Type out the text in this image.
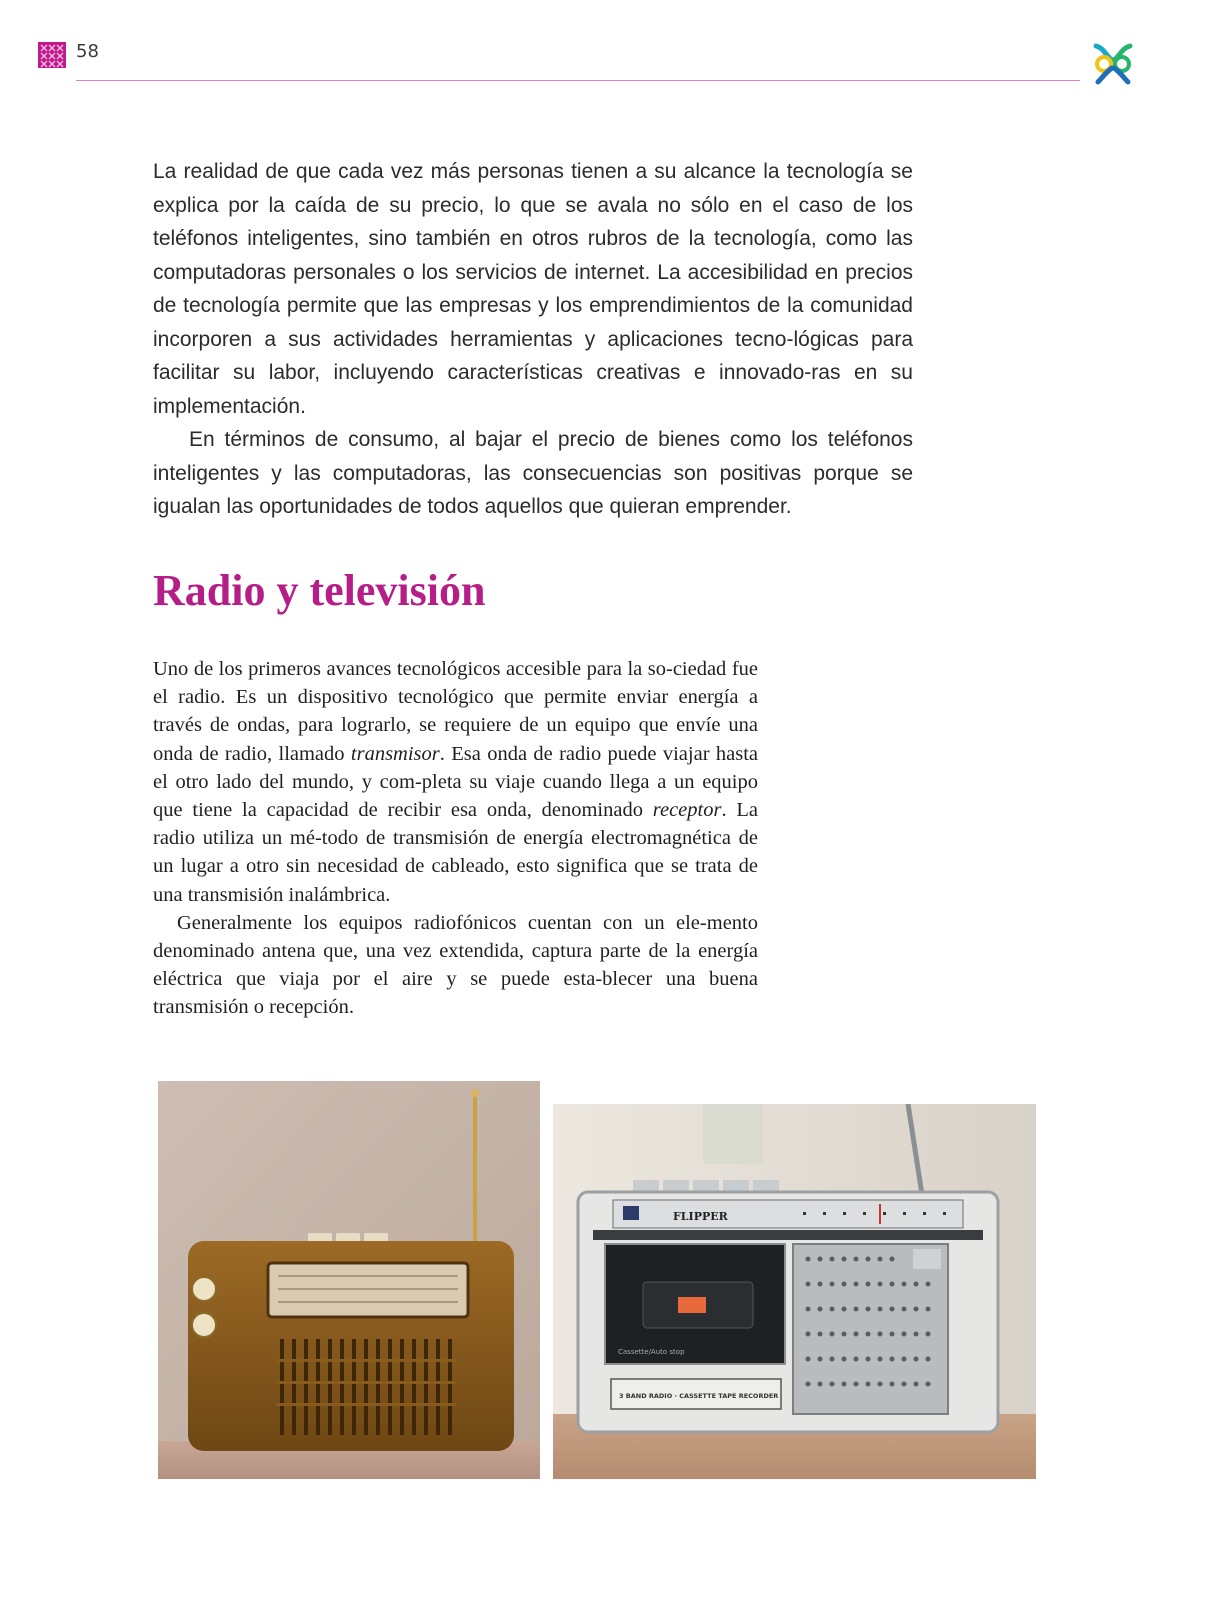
58

La realidad de que cada vez más personas tienen a su alcance la tecnología se explica por la caída de su precio, lo que se avala no sólo en el caso de los teléfonos inteligentes, sino también en otros rubros de la tecnología, como las computadoras personales o los servicios de internet. La accesibilidad en precios de tecnología permite que las empresas y los emprendimientos de la comunidad incorporen a sus actividades herramientas y aplicaciones tecno-lógicas para facilitar su labor, incluyendo características creativas e innovado-ras en su implementación.

En términos de consumo, al bajar el precio de bienes como los teléfonos inteligentes y las computadoras, las consecuencias son positivas porque se igualan las oportunidades de todos aquellos que quieran emprender.

Radio y televisión

Uno de los primeros avances tecnológicos accesible para la so-ciedad fue el radio. Es un dispositivo tecnológico que permite enviar energía a través de ondas, para lograrlo, se requiere de un equipo que envíe una onda de radio, llamado transmisor. Esa onda de radio puede viajar hasta el otro lado del mundo, y com-pleta su viaje cuando llega a un equipo que tiene la capacidad de recibir esa onda, denominado receptor. La radio utiliza un mé-todo de transmisión de energía electromagnética de un lugar a otro sin necesidad de cableado, esto significa que se trata de una transmisión inalámbrica.

Generalmente los equipos radiofónicos cuentan con un ele-mento denominado antena que, una vez extendida, captura parte de la energía eléctrica que viaja por el aire y se puede esta-blecer una buena transmisión o recepción.

FLIPPER
Cassette/Auto stop
3 BAND RADIO · CASSETTE TAPE RECORDER
